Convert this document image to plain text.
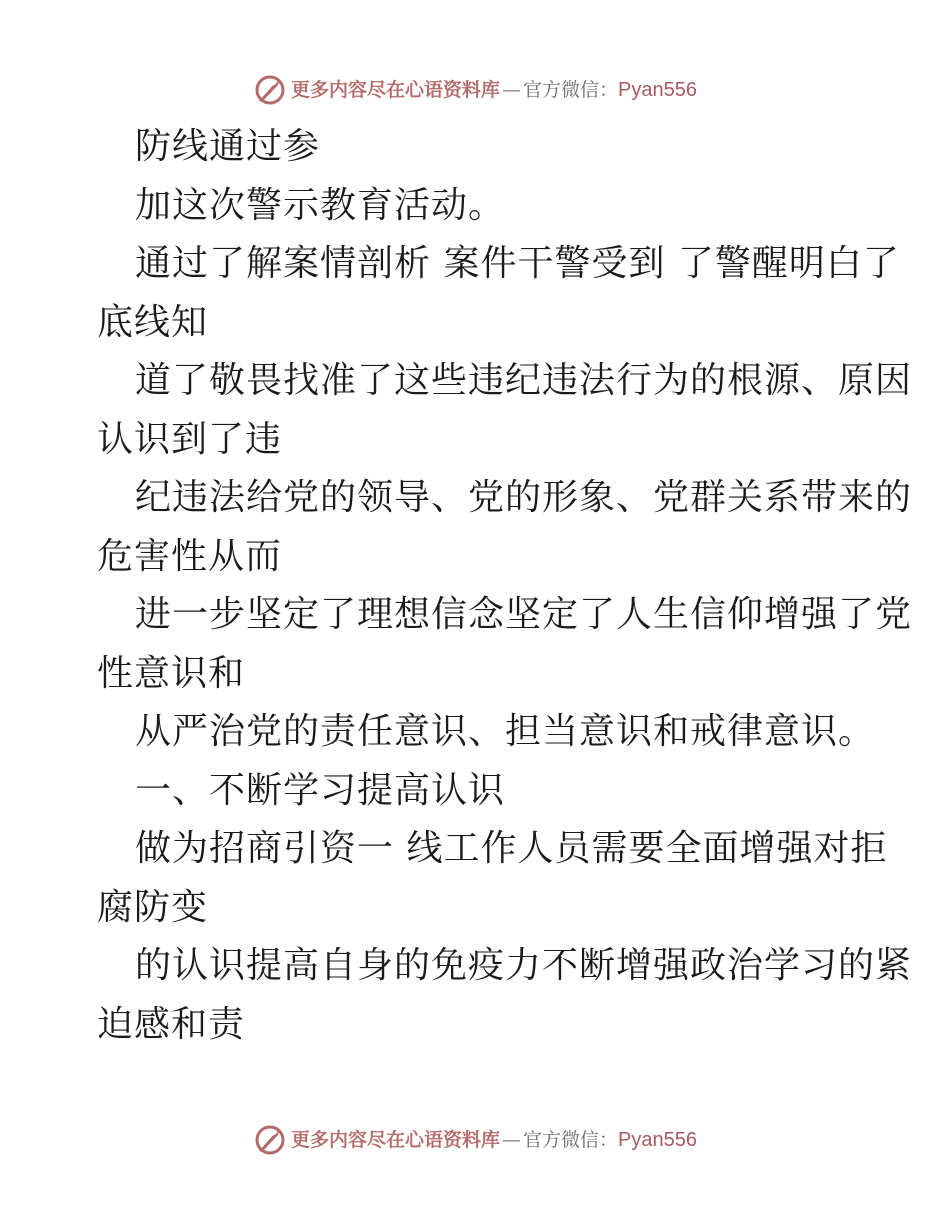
更多内容尽在心语资料库 — 官方微信： Pyan556
防线通过参
加这次警示教育活动。
通过了解案情剖析 案件干警受到 了警醒明白了
底线知
道了敬畏找准了这些违纪违法行为的根源、原因
认识到了违
纪违法给党的领导、党的形象、党群关系带来的
危害性从而
进一步坚定了理想信念坚定了人生信仰增强了党
性意识和
从严治党的责任意识、担当意识和戒律意识。
一、不断学习提高认识
做为招商引资一 线工作人员需要全面增强对拒
腐防变
的认识提高自身的免疫力不断增强政治学习的紧
迫感和责
更多内容尽在心语资料库 — 官方微信： Pyan556
